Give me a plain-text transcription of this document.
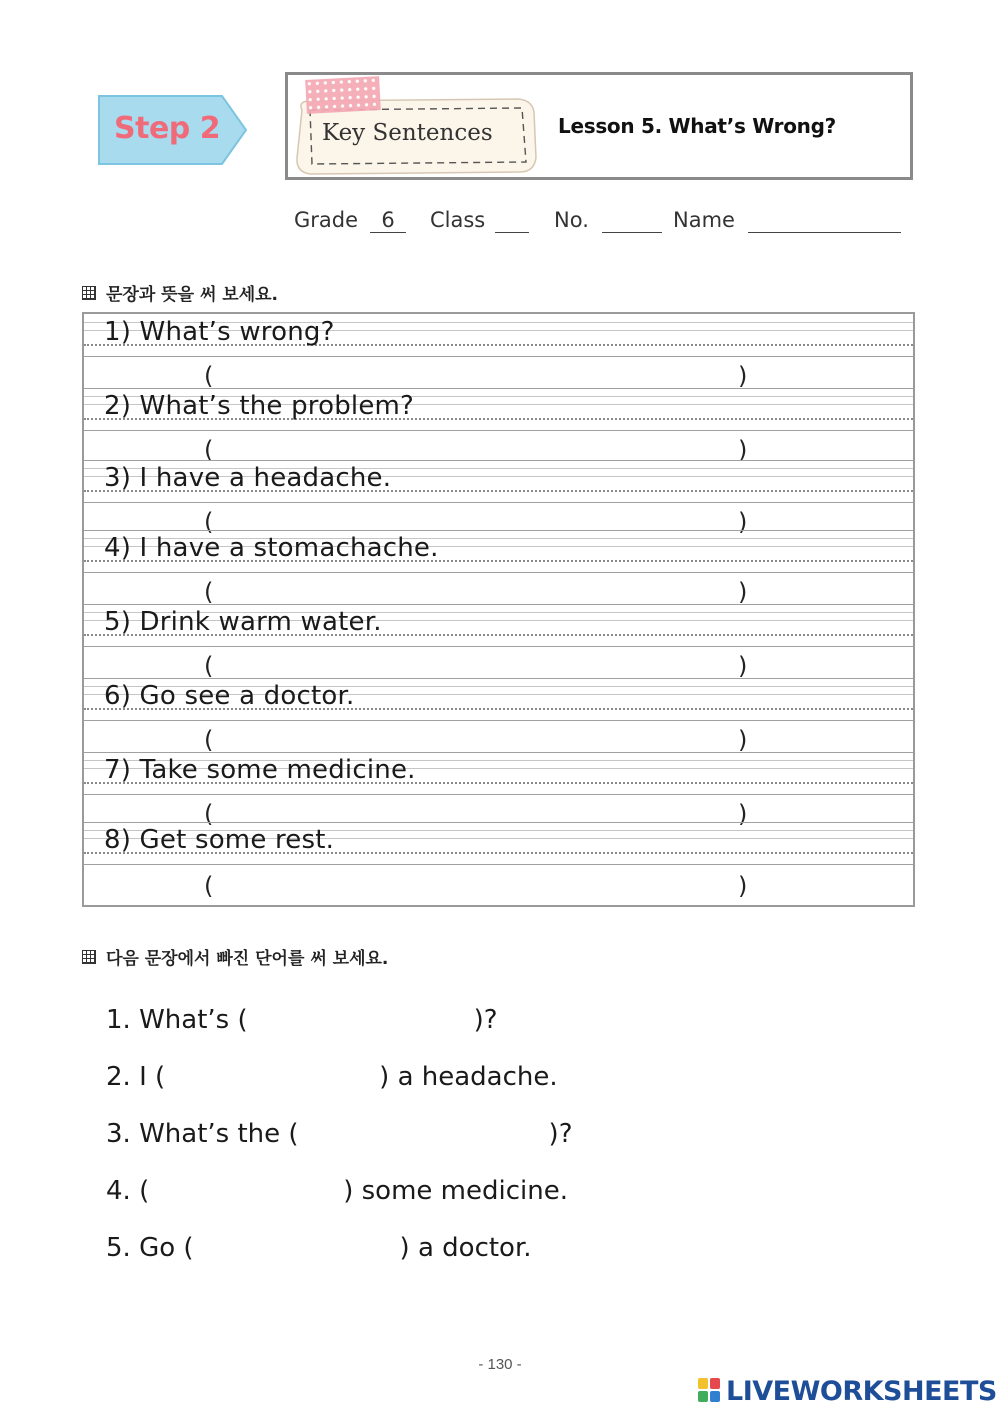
Step 2	Key Sentences	Lesson 5. What’s Wrong?
Grade	6	Class	No.	Name
문장과 뜻을 써 보세요.
1) What’s wrong?
(	)
2) What’s the problem?
(	)
3) I have a headache.
(	)
4) I have a stomachache.
(	)
5) Drink warm water.
(	)
6) Go see a doctor.
(	)
7) Take some medicine.
(	)
8) Get some rest.
(	)
다음 문장에서 빠진 단어를 써 보세요.
1. What’s (	)?
2. I (	) a headache.
3. What’s the (	)?
4. (	) some medicine.
5. Go (	) a doctor.
- 130 -
LIVEWORKSHEETS
